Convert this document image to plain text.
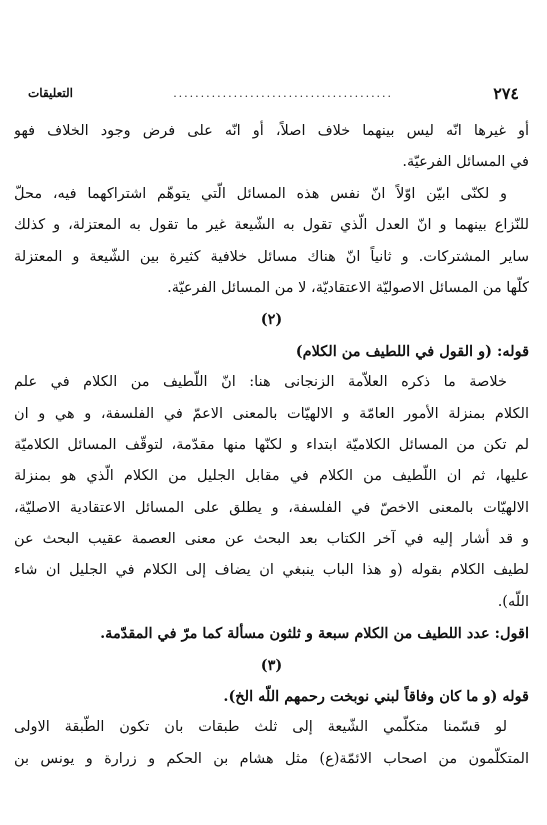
التعليقات	........................................	٢٧٤
أو غيرها انّه ليس بينهما خلاف اصلاً، أو انّه على فرض وجود الخلاف فهو
في المسائل الفرعيّة.
و لكنّى ابيّن اوّلاً انّ نفس هذه المسائل الّتي يتوهّم اشتراكهما فيه، محلّ
للنّزاع بينهما و انّ العدل الّذي تقول به الشّيعة غير ما تقول به المعتزلة، و كذلك
ساير المشتركات. و ثانياً انّ هناك مسائل خلافية كثيرة بين الشّيعة و المعتزلة
كلّها من المسائل الاصوليّة الاعتقاديّة، لا من المسائل الفرعيّة.
(٢)
قوله: (و القول في اللطيف من الكلام)
خلاصة ما ذكره العلاّمة الزنجانى هنا: انّ اللّطيف من الكلام في علم
الكلام بمنزلة الأمور العامّة و الالهيّات بالمعنى الاعمّ في الفلسفة، و هي و ان
لم تكن من المسائل الكلاميّة ابتداء و لكنّها منها مقدّمة، لتوقّف المسائل الكلاميّة
عليها، ثم ان اللّطيف من الكلام في مقابل الجليل من الكلام الّذي هو بمنزلة
الالهيّات بالمعنى الاخصّ في الفلسفة، و يطلق على المسائل الاعتقادية الاصليّة،
و قد أشار إليه في آخر الكتاب بعد البحث عن معنى العصمة عقيب البحث عن
لطيف الكلام بقوله (و هذا الباب ينبغي ان يضاف إلى الكلام في الجليل ان شاء
اللّه).
اقول: عدد اللطيف من الكلام سبعة و ثلثون مسألة كما مرّ في المقدّمة.
(٣)
قوله (و ما كان وفاقاً لبني نوبخت رحمهم اللّه الخ).
لو قسّمنا متكلّمي الشّيعة إلى ثلث طبقات بان تكون الطّبقة الاولى
المتكلّمون من اصحاب الائمّة(ع) مثل هشام بن الحكم و زرارة و يونس بن
